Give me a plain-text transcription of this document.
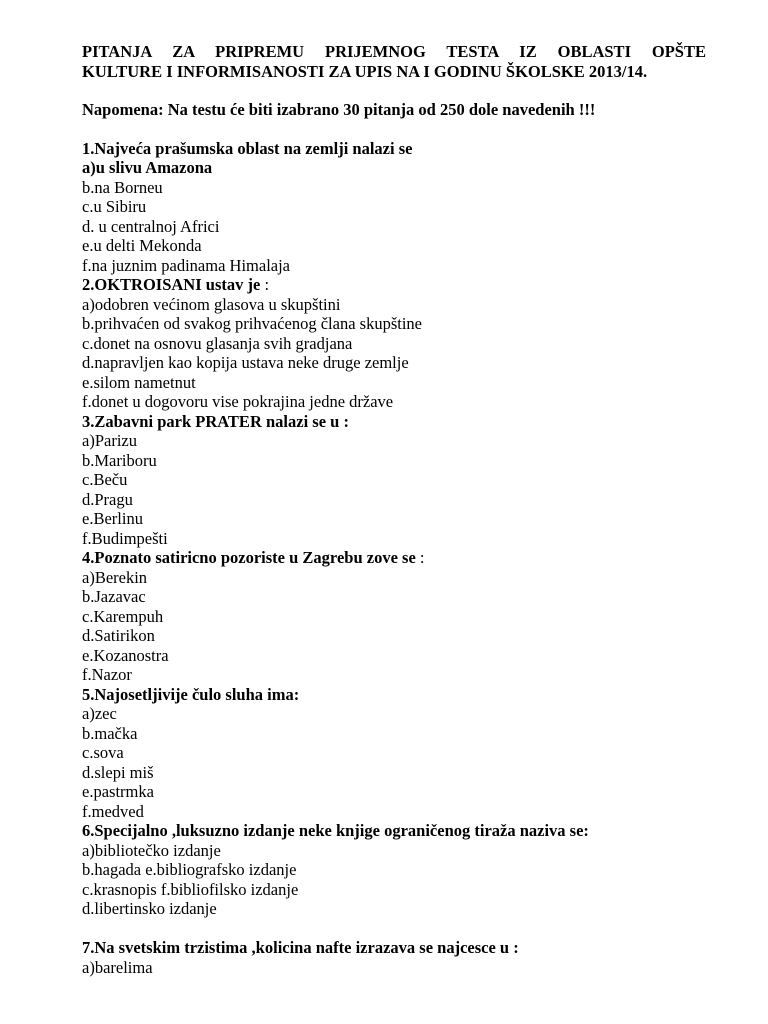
PITANJA ZA PRIPREMU PRIJEMNOG TESTA IZ OBLASTI OPŠTE
KULTURE I INFORMISANOSTI ZA UPIS NA I GODINU ŠKOLSKE 2013/14.

Napomena: Na testu će biti izabrano 30 pitanja od 250 dole navedenih !!!

1.Najveća prašumska oblast na zemlji nalazi se

a)u slivu Amazona

b.na Borneu

c.u Sibiru

d. u centralnoj Africi

e.u delti Mekonda

f.na juznim padinama Himalaja

2.OKTROISANI ustav je :

a)odobren većinom glasova u skupštini

b.prihvaćen od svakog prihvaćenog člana skupštine

c.donet na osnovu glasanja svih gradjana

d.napravljen kao kopija ustava neke druge zemlje

e.silom nametnut

f.donet u dogovoru vise pokrajina jedne države

3.Zabavni park PRATER nalazi se u :

a)Parizu

b.Mariboru

c.Beču

d.Pragu

e.Berlinu

f.Budimpešti

4.Poznato satiricno pozoriste u Zagrebu zove se :

a)Berekin

b.Jazavac

c.Karempuh

d.Satirikon

e.Kozanostra

f.Nazor

5.Najosetljivije čulo sluha ima:

a)zec

b.mačka

c.sova

d.slepi miš

e.pastrmka

f.medved

6.Specijalno ,luksuzno izdanje neke knjige ograničenog tiraža naziva se:

a)bibliotečko izdanje

b.hagada e.bibliografsko izdanje

c.krasnopis f.bibliofilsko izdanje

d.libertinsko izdanje

7.Na svetskim trzistima ,kolicina nafte izrazava se najcesce u :

a)barelima
